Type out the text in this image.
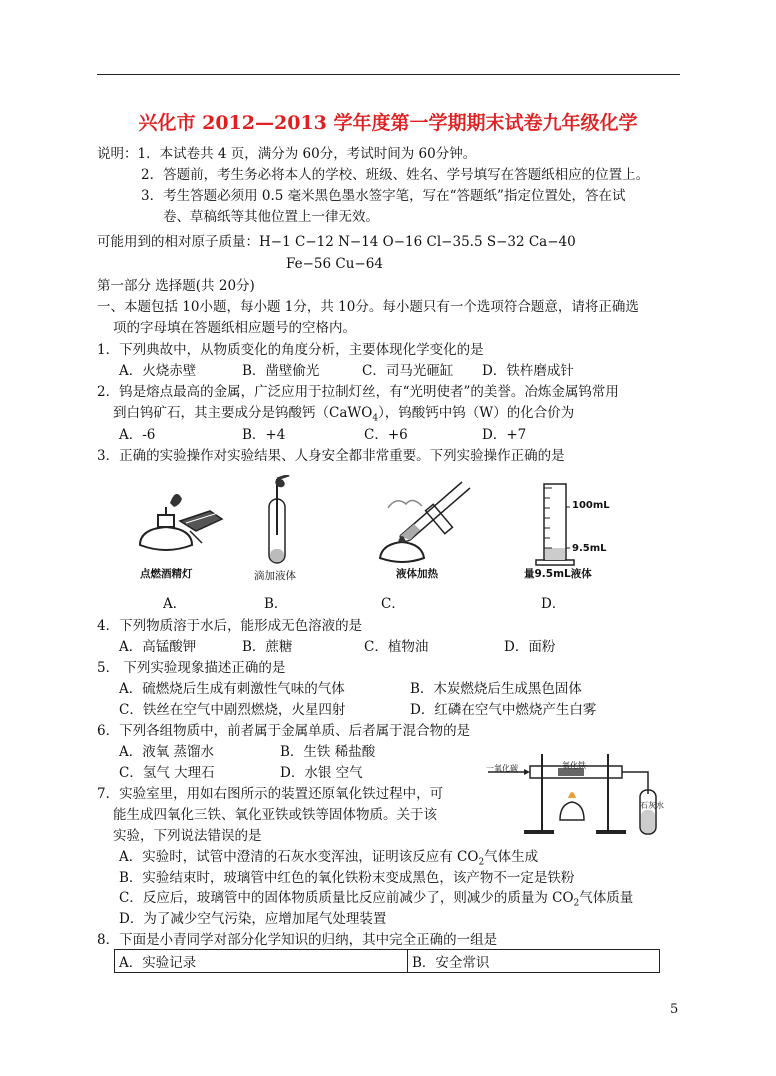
兴化市 2012—2013 学年度第一学期期末试卷九年级化学
说明：1．本试卷共 4 页，满分为 60分，考试时间为 60分钟。
2．答题前，考生务必将本人的学校、班级、姓名、学号填写在答题纸相应的位置上。
3．考生答题必须用 0.5 毫米黑色墨水签字笔，写在“答题纸”指定位置处，答在试
卷、草稿纸等其他位置上一律无效。
可能用到的相对原子质量：H−1 C−12 N−14 O−16 Cl−35.5 S−32 Ca−40
Fe−56 Cu−64
第一部分 选择题(共 20分)
一、本题包括 10小题，每小题 1分，共 10分。每小题只有一个选项符合题意，请将正确选
项的字母填在答题纸相应题号的空格内。
1．下列典故中，从物质变化的角度分析，主要体现化学变化的是
A．火烧赤壁	B．凿壁偷光	C．司马光砸缸 D．铁杵磨成针
2．钨是熔点最高的金属，广泛应用于拉制灯丝，有“光明使者”的美誉。冶炼金属钨常用
到白钨矿石，其主要成分是钨酸钙（CaWO$_4$），钨酸钙中钨（W）的化合价为
A．-6	B．+4	C．+6	D．+7
3．正确的实验操作对实验结果、人身安全都非常重要。下列实验操作正确的是
点燃酒精灯	滴加液体	液体加热
100mL
9.5mL
量9.5mL液体
A．	B．	C．	D．
4．下列物质溶于水后，能形成无色溶液的是
A．高锰酸钾	B．蔗糖	C．植物油	D．面粉
5． 下列实验现象描述正确的是
A．硫燃烧后生成有刺激性气味的气体	B．木炭燃烧后生成黑色固体
C．铁丝在空气中剧烈燃烧，火星四射	D．红磷在空气中燃烧产生白雾
6．下列各组物质中，前者属于金属单质、后者属于混合物的是
A．液氧 蒸馏水	B．生铁 稀盐酸
C．氢气 大理石	D．水银 空气	一氧化碳	氧化铁
石灰水
7．实验室里，用如右图所示的装置还原氧化铁过程中，可
能生成四氧化三铁、氧化亚铁或铁等固体物质。关于该
实验，下列说法错误的是
A．实验时，试管中澄清的石灰水变浑浊，证明该反应有 $CO_2$气体生成
B．实验结束时，玻璃管中红色的氧化铁粉末变成黑色，该产物不一定是铁粉
C．反应后，玻璃管中的固体物质质量比反应前减少了，则减少的质量为 $CO_2$气体质量
D．为了减少空气污染，应增加尾气处理装置
8．下面是小青同学对部分化学知识的归纳，其中完全正确的一组是
A．实验记录	B．安全常识
5
